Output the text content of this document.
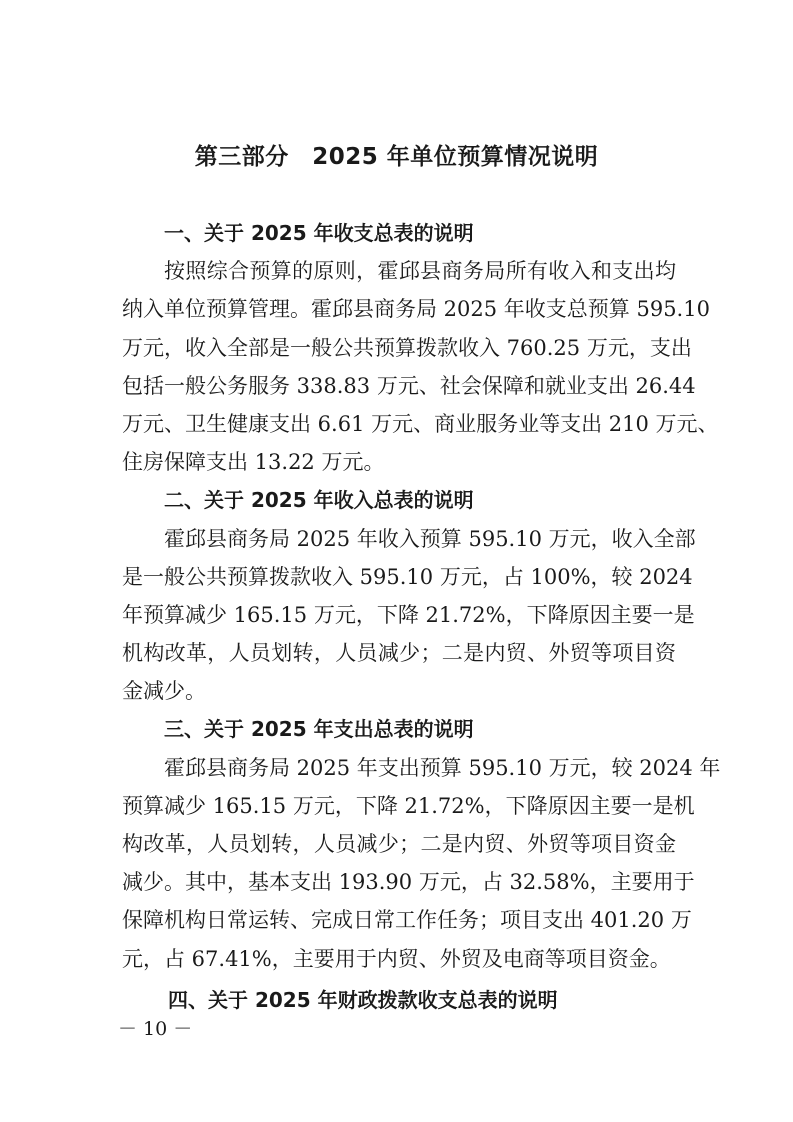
第三部分　2025 年单位预算情况说明
一、关于 2025 年收支总表的说明
按照综合预算的原则，霍邱县商务局所有收入和支出均
纳入单位预算管理。霍邱县商务局 2025 年收支总预算 595.10
万元，收入全部是一般公共预算拨款收入 760.25 万元，支出
包括一般公务服务 338.83 万元、社会保障和就业支出 26.44
万元、卫生健康支出 6.61 万元、商业服务业等支出 210 万元、
住房保障支出 13.22 万元。
二、关于 2025 年收入总表的说明
霍邱县商务局 2025 年收入预算 595.10 万元，收入全部
是一般公共预算拨款收入 595.10 万元，占 100%，较 2024
年预算减少 165.15 万元，下降 21.72%，下降原因主要一是
机构改革，人员划转，人员减少；二是内贸、外贸等项目资
金减少。
三、关于 2025 年支出总表的说明
霍邱县商务局 2025 年支出预算 595.10 万元，较 2024 年
预算减少 165.15 万元，下降 21.72%，下降原因主要一是机
构改革，人员划转，人员减少；二是内贸、外贸等项目资金
减少。其中，基本支出 193.90 万元，占 32.58%，主要用于
保障机构日常运转、完成日常工作任务；项目支出 401.20 万
元，占 67.41%，主要用于内贸、外贸及电商等项目资金。
四、关于 2025 年财政拨款收支总表的说明
－ 10 －
